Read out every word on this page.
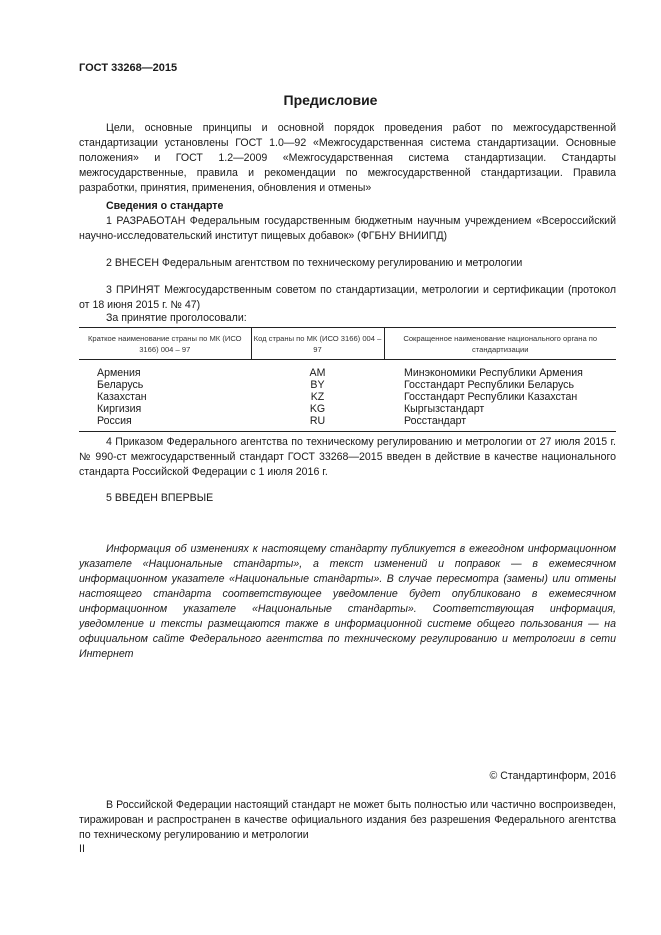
ГОСТ 33268—2015
Предисловие
Цели, основные принципы и основной порядок проведения работ по межгосударственной стандартизации установлены ГОСТ 1.0—92 «Межгосударственная система стандартизации. Основные положения» и ГОСТ 1.2—2009 «Межгосударственная система стандартизации. Стандарты межгосударственные, правила и рекомендации по межгосударственной стандартизации. Правила разработки, принятия, применения, обновления и отмены»
Сведения о стандарте
1 РАЗРАБОТАН Федеральным государственным бюджетным научным учреждением «Всероссийский научно-исследовательский институт пищевых добавок» (ФГБНУ ВНИИПД)
2 ВНЕСЕН Федеральным агентством по техническому регулированию и метрологии
3 ПРИНЯТ Межгосударственным советом по стандартизации, метрологии и сертификации (протокол от 18 июня 2015 г. № 47)
За принятие проголосовали:
Краткое наименование страны по МК (ИСО 3166) 004 – 97	Код страны по МК (ИСО 3166) 004 – 97	Сокращенное наименование национального органа по стандартизации
Армения	AM	Минэкономики Республики Армения
Беларусь	BY	Госстандарт Республики Беларусь
Казахстан	KZ	Госстандарт Республики Казахстан
Киргизия	KG	Кыргызстандарт
Россия	RU	Росстандарт
4 Приказом Федерального агентства по техническому регулированию и метрологии от 27 июля 2015 г. № 990-ст межгосударственный стандарт ГОСТ 33268—2015 введен в действие в качестве национального стандарта Российской Федерации с 1 июля 2016 г.
5 ВВЕДЕН ВПЕРВЫЕ
Информация об изменениях к настоящему стандарту публикуется в ежегодном информационном указателе «Национальные стандарты», а текст изменений и поправок — в ежемесячном информационном указателе «Национальные стандарты». В случае пересмотра (замены) или отмены настоящего стандарта соответствующее уведомление будет опубликовано в ежемесячном информационном указателе «Национальные стандарты». Соответствующая информация, уведомление и тексты размещаются также в информационной системе общего пользования — на официальном сайте Федерального агентства по техническому регулированию и метрологии в сети Интернет
© Стандартинформ, 2016
В Российской Федерации настоящий стандарт не может быть полностью или частично воспроизведен, тиражирован и распространен в качестве официального издания без разрешения Федерального агентства по техническому регулированию и метрологии
II
